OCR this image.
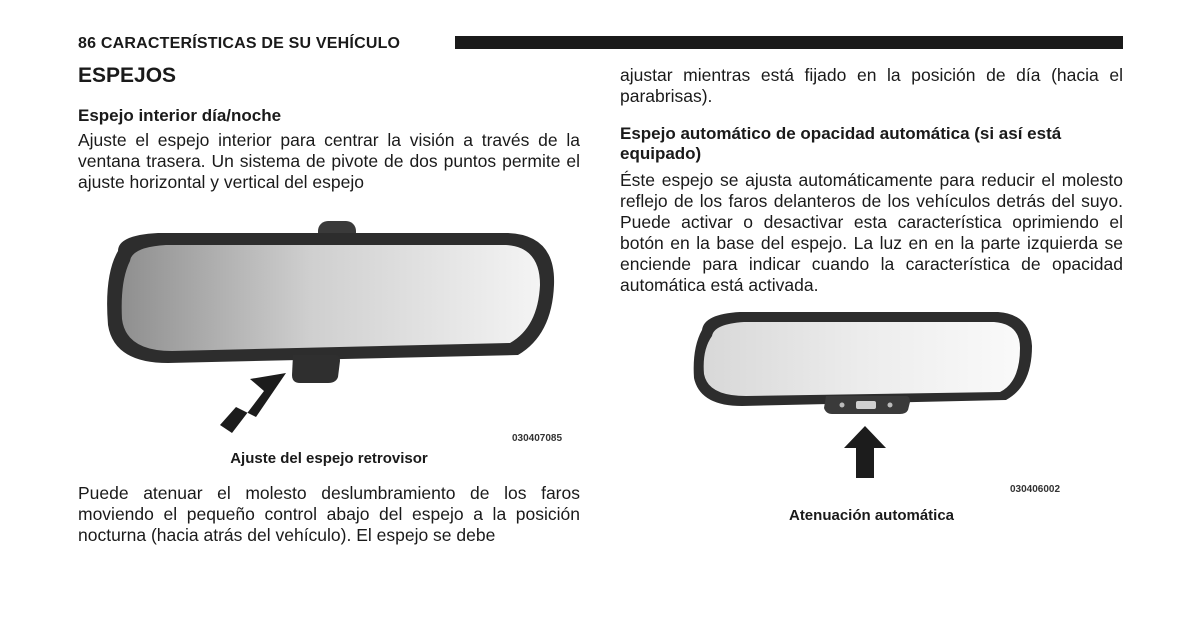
86 CARACTERÍSTICAS DE SU VEHÍCULO
ESPEJOS
Espejo interior día/noche
Ajuste el espejo interior para centrar la visión a través de la ventana trasera. Un sistema de pivote de dos puntos permite el ajuste horizontal y vertical del espejo
030407085
Ajuste del espejo retrovisor
Puede atenuar el molesto deslumbramiento de los faros moviendo el pequeño control abajo del espejo a la posición nocturna (hacia atrás del vehículo). El espejo se debe
ajustar mientras está fijado en la posición de día (hacia el parabrisas).
Espejo automático de opacidad automática (si así está equipado)
Éste espejo se ajusta automáticamente para reducir el molesto reflejo de los faros delanteros de los vehículos detrás del suyo. Puede activar o desactivar esta característica oprimiendo el botón en la base del espejo. La luz en en la parte izquierda se enciende para indicar cuando la característica de opacidad automática está activada.
030406002
Atenuación automática
